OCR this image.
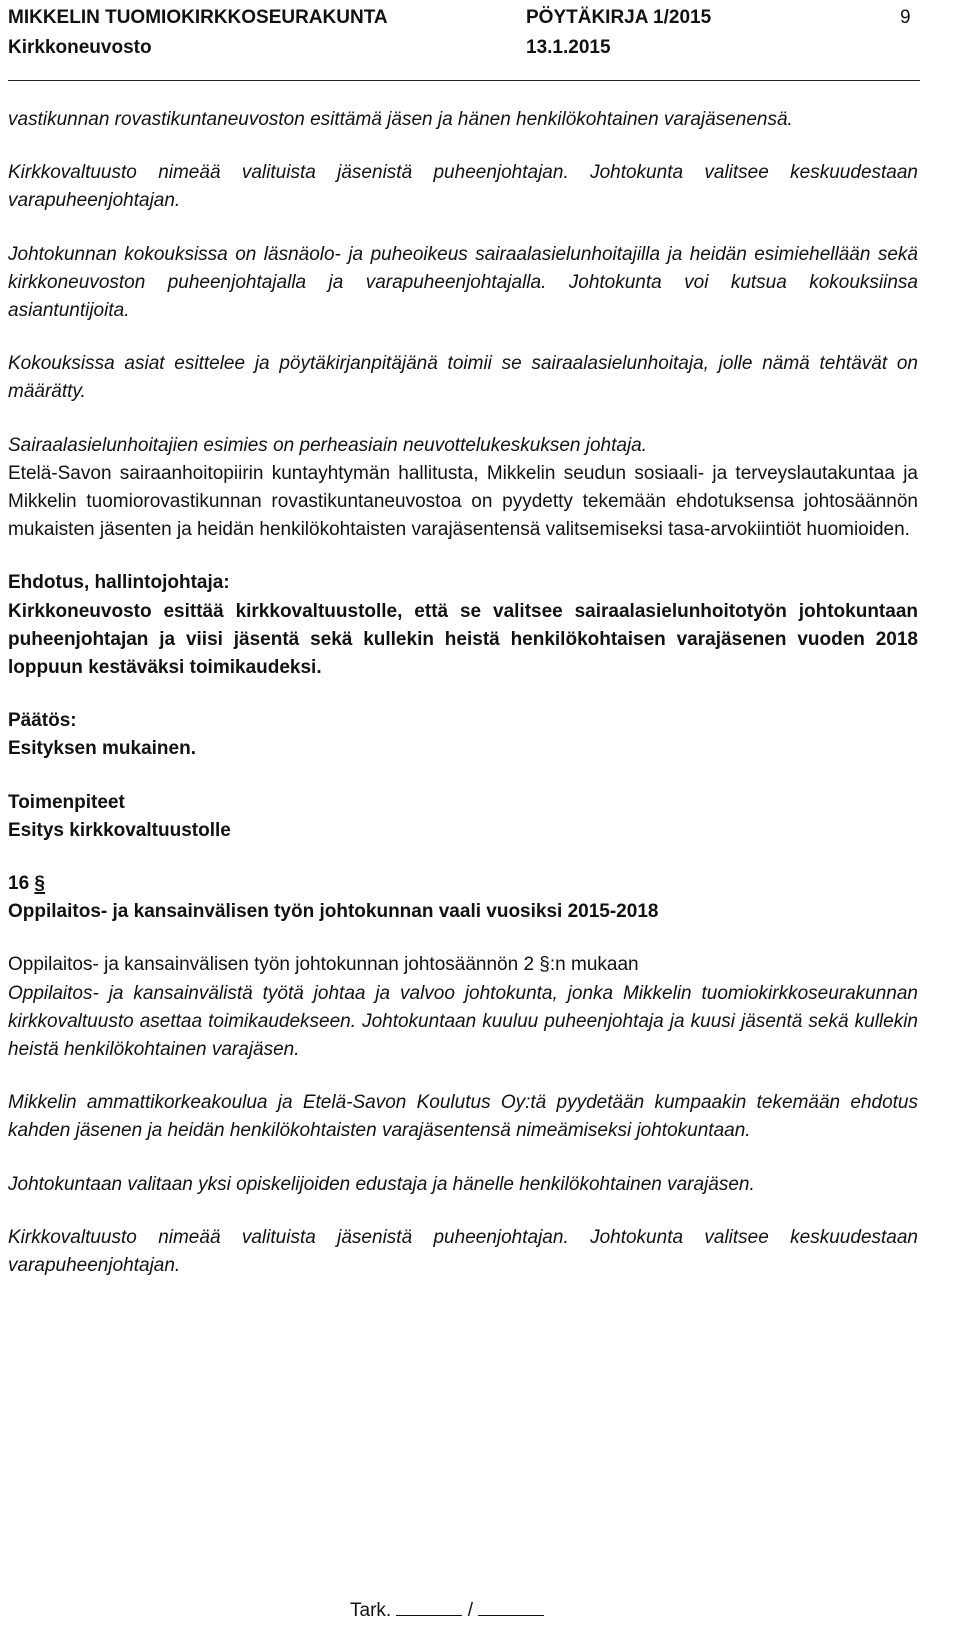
MIKKELIN TUOMIOKIRKKOSEURAKUNTA
Kirkkoneuvosto
PÖYTÄKIRJA 1/2015
13.1.2015
9

vastikunnan rovastikuntaneuvoston esittämä jäsen ja hänen henkilökohtainen varajäsenensä.

Kirkkovaltuusto nimeää valituista jäsenistä puheenjohtajan. Johtokunta valitsee keskuudestaan varapuheenjohtajan.

Johtokunnan kokouksissa on läsnäolo- ja puheoikeus sairaalasielunhoitajilla ja heidän esimiehellään sekä kirkkoneuvoston puheenjohtajalla ja varapuheenjohtajalla. Johtokunta voi kutsua kokouksiinsa asiantuntijoita.

Kokouksissa asiat esittelee ja pöytäkirjanpitäjänä toimii se sairaalasielunhoitaja, jolle nämä tehtävät on määrätty.

Sairaalasielunhoitajien esimies on perheasiain neuvottelukeskuksen johtaja.

Etelä-Savon sairaanhoitopiirin kuntayhtymän hallitusta, Mikkelin seudun sosiaali- ja terveyslautakuntaa ja Mikkelin tuomiorovastikunnan rovastikuntaneuvostoa on pyydetty tekemään ehdotuksensa johtosäännön mukaisten jäsenten ja heidän henkilökohtaisten varajäsentensä valitsemiseksi tasa-arvokiintiöt huomioiden.

Ehdotus, hallintojohtaja:

Kirkkoneuvosto esittää kirkkovaltuustolle, että se valitsee sairaalasielunhoitotyön johtokuntaan puheenjohtajan ja viisi jäsentä sekä kullekin heistä henkilökohtaisen varajäsenen vuoden 2018 loppuun kestäväksi toimikaudeksi.

Päätös:

Esityksen mukainen.

Toimenpiteet

Esitys kirkkovaltuustolle

16 §

Oppilaitos- ja kansainvälisen työn johtokunnan vaali vuosiksi 2015-2018

Oppilaitos- ja kansainvälisen työn johtokunnan johtosäännön 2 §:n mukaan

Oppilaitos- ja kansainvälistä työtä johtaa ja valvoo johtokunta, jonka Mikkelin tuomiokirkkoseurakunnan kirkkovaltuusto asettaa toimikaudekseen. Johtokuntaan kuuluu puheenjohtaja ja kuusi jäsentä sekä kullekin heistä henkilökohtainen varajäsen.

Mikkelin ammattikorkeakoulua ja Etelä-Savon Koulutus Oy:tä pyydetään kumpaakin tekemään ehdotus kahden jäsenen ja heidän henkilökohtaisten varajäsentensä nimeämiseksi johtokuntaan.

Johtokuntaan valitaan yksi opiskelijoiden edustaja ja hänelle henkilökohtainen varajäsen.

Kirkkovaltuusto nimeää valituista jäsenistä puheenjohtajan. Johtokunta valitsee keskuudestaan varapuheenjohtajan.

Tark.	/
